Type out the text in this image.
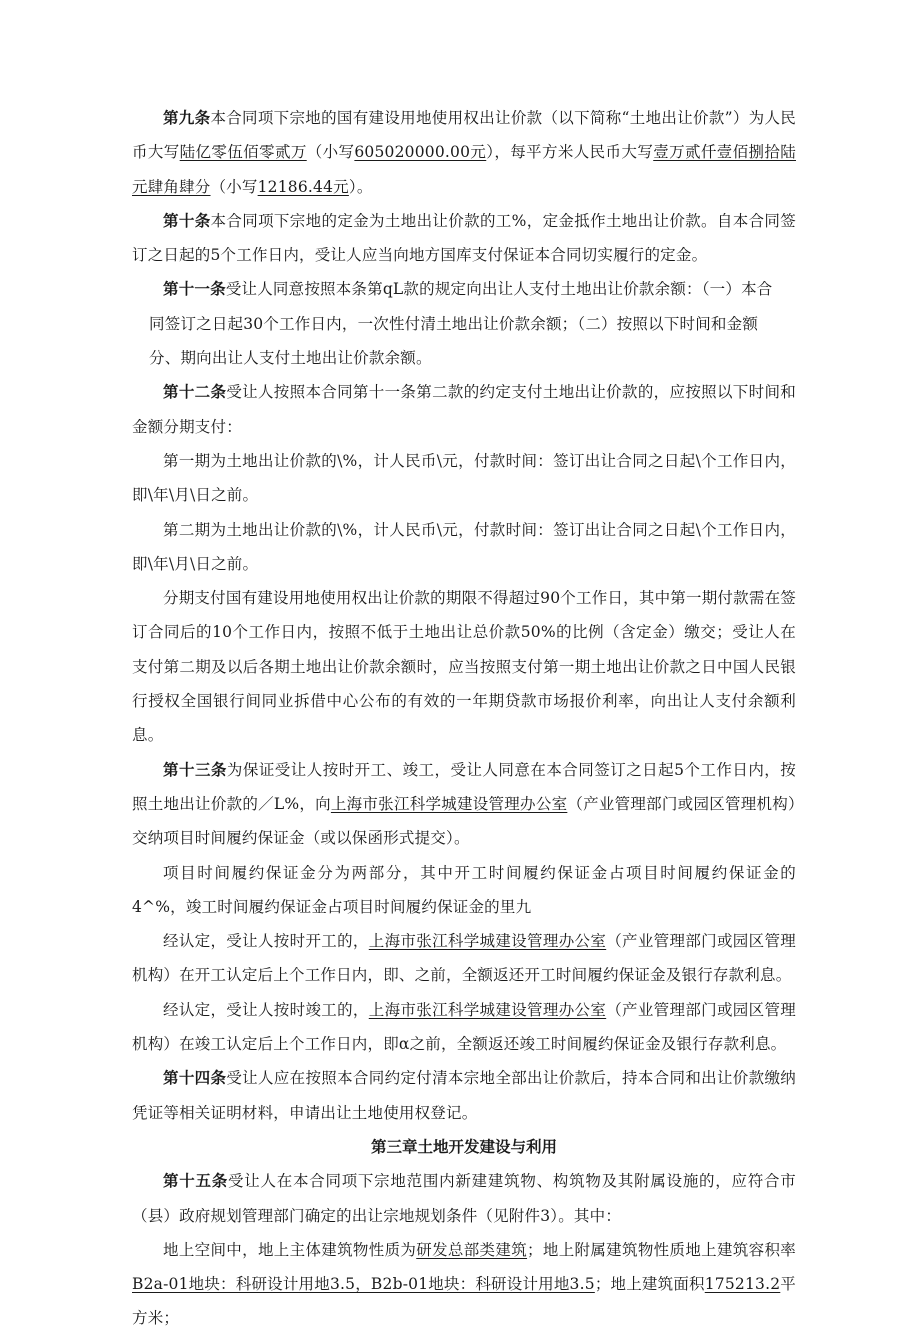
第九条本合同项下宗地的国有建设用地使用权出让价款（以下简称“土地出让价款”）为人民币大写陆亿零伍佰零贰万（小写605020000.00元），每平方米人民币大写壹万贰仟壹佰捌拾陆元肆角肆分（小写12186.44元）。

第十条本合同项下宗地的定金为土地出让价款的工%，定金抵作土地出让价款。自本合同签订之日起的5个工作日内，受让人应当向地方国库支付保证本合同切实履行的定金。

第十一条受让人同意按照本条第qL款的规定向出让人支付土地出让价款余额：（一）本合

同签订之日起30个工作日内，一次性付清土地出让价款余额；（二）按照以下时间和金额

分、期向出让人支付土地出让价款余额。

第十二条受让人按照本合同第十一条第二款的约定支付土地出让价款的，应按照以下时间和金额分期支付：

第一期为土地出让价款的\%，计人民币\元，付款时间：签订出让合同之日起\个工作日内，即\年\月\日之前。

第二期为土地出让价款的\%，计人民币\元，付款时间：签订出让合同之日起\个工作日内，即\年\月\日之前。

分期支付国有建设用地使用权出让价款的期限不得超过90个工作日，其中第一期付款需在签订合同后的10个工作日内，按照不低于土地出让总价款50%的比例（含定金）缴交；受让人在支付第二期及以后各期土地出让价款余额时，应当按照支付第一期土地出让价款之日中国人民银行授权全国银行间同业拆借中心公布的有效的一年期贷款市场报价利率，向出让人支付余额利息。

第十三条为保证受让人按时开工、竣工，受让人同意在本合同签订之日起5个工作日内，按照土地出让价款的／L%，向上海市张江科学城建设管理办公室（产业管理部门或园区管理机构）交纳项目时间履约保证金（或以保函形式提交）。

项目时间履约保证金分为两部分，其中开工时间履约保证金占项目时间履约保证金的4^%，竣工时间履约保证金占项目时间履约保证金的里九

经认定，受让人按时开工的，上海市张江科学城建设管理办公室（产业管理部门或园区管理机构）在开工认定后上个工作日内，即、之前，全额返还开工时间履约保证金及银行存款利息。

经认定，受让人按时竣工的，上海市张江科学城建设管理办公室（产业管理部门或园区管理机构）在竣工认定后上个工作日内，即α之前，全额返还竣工时间履约保证金及银行存款利息。

第十四条受让人应在按照本合同约定付清本宗地全部出让价款后，持本合同和出让价款缴纳凭证等相关证明材料，申请出让土地使用权登记。

第三章土地开发建设与利用

第十五条受让人在本合同项下宗地范围内新建建筑物、构筑物及其附属设施的，应符合市（县）政府规划管理部门确定的出让宗地规划条件（见附件3）。其中：

地上空间中，地上主体建筑物性质为研发总部类建筑；地上附属建筑物性质地上建筑容积率B2a-01地块：科研设计用地3.5，B2b-01地块：科研设计用地3.5；地上建筑面积175213.2平方米；
